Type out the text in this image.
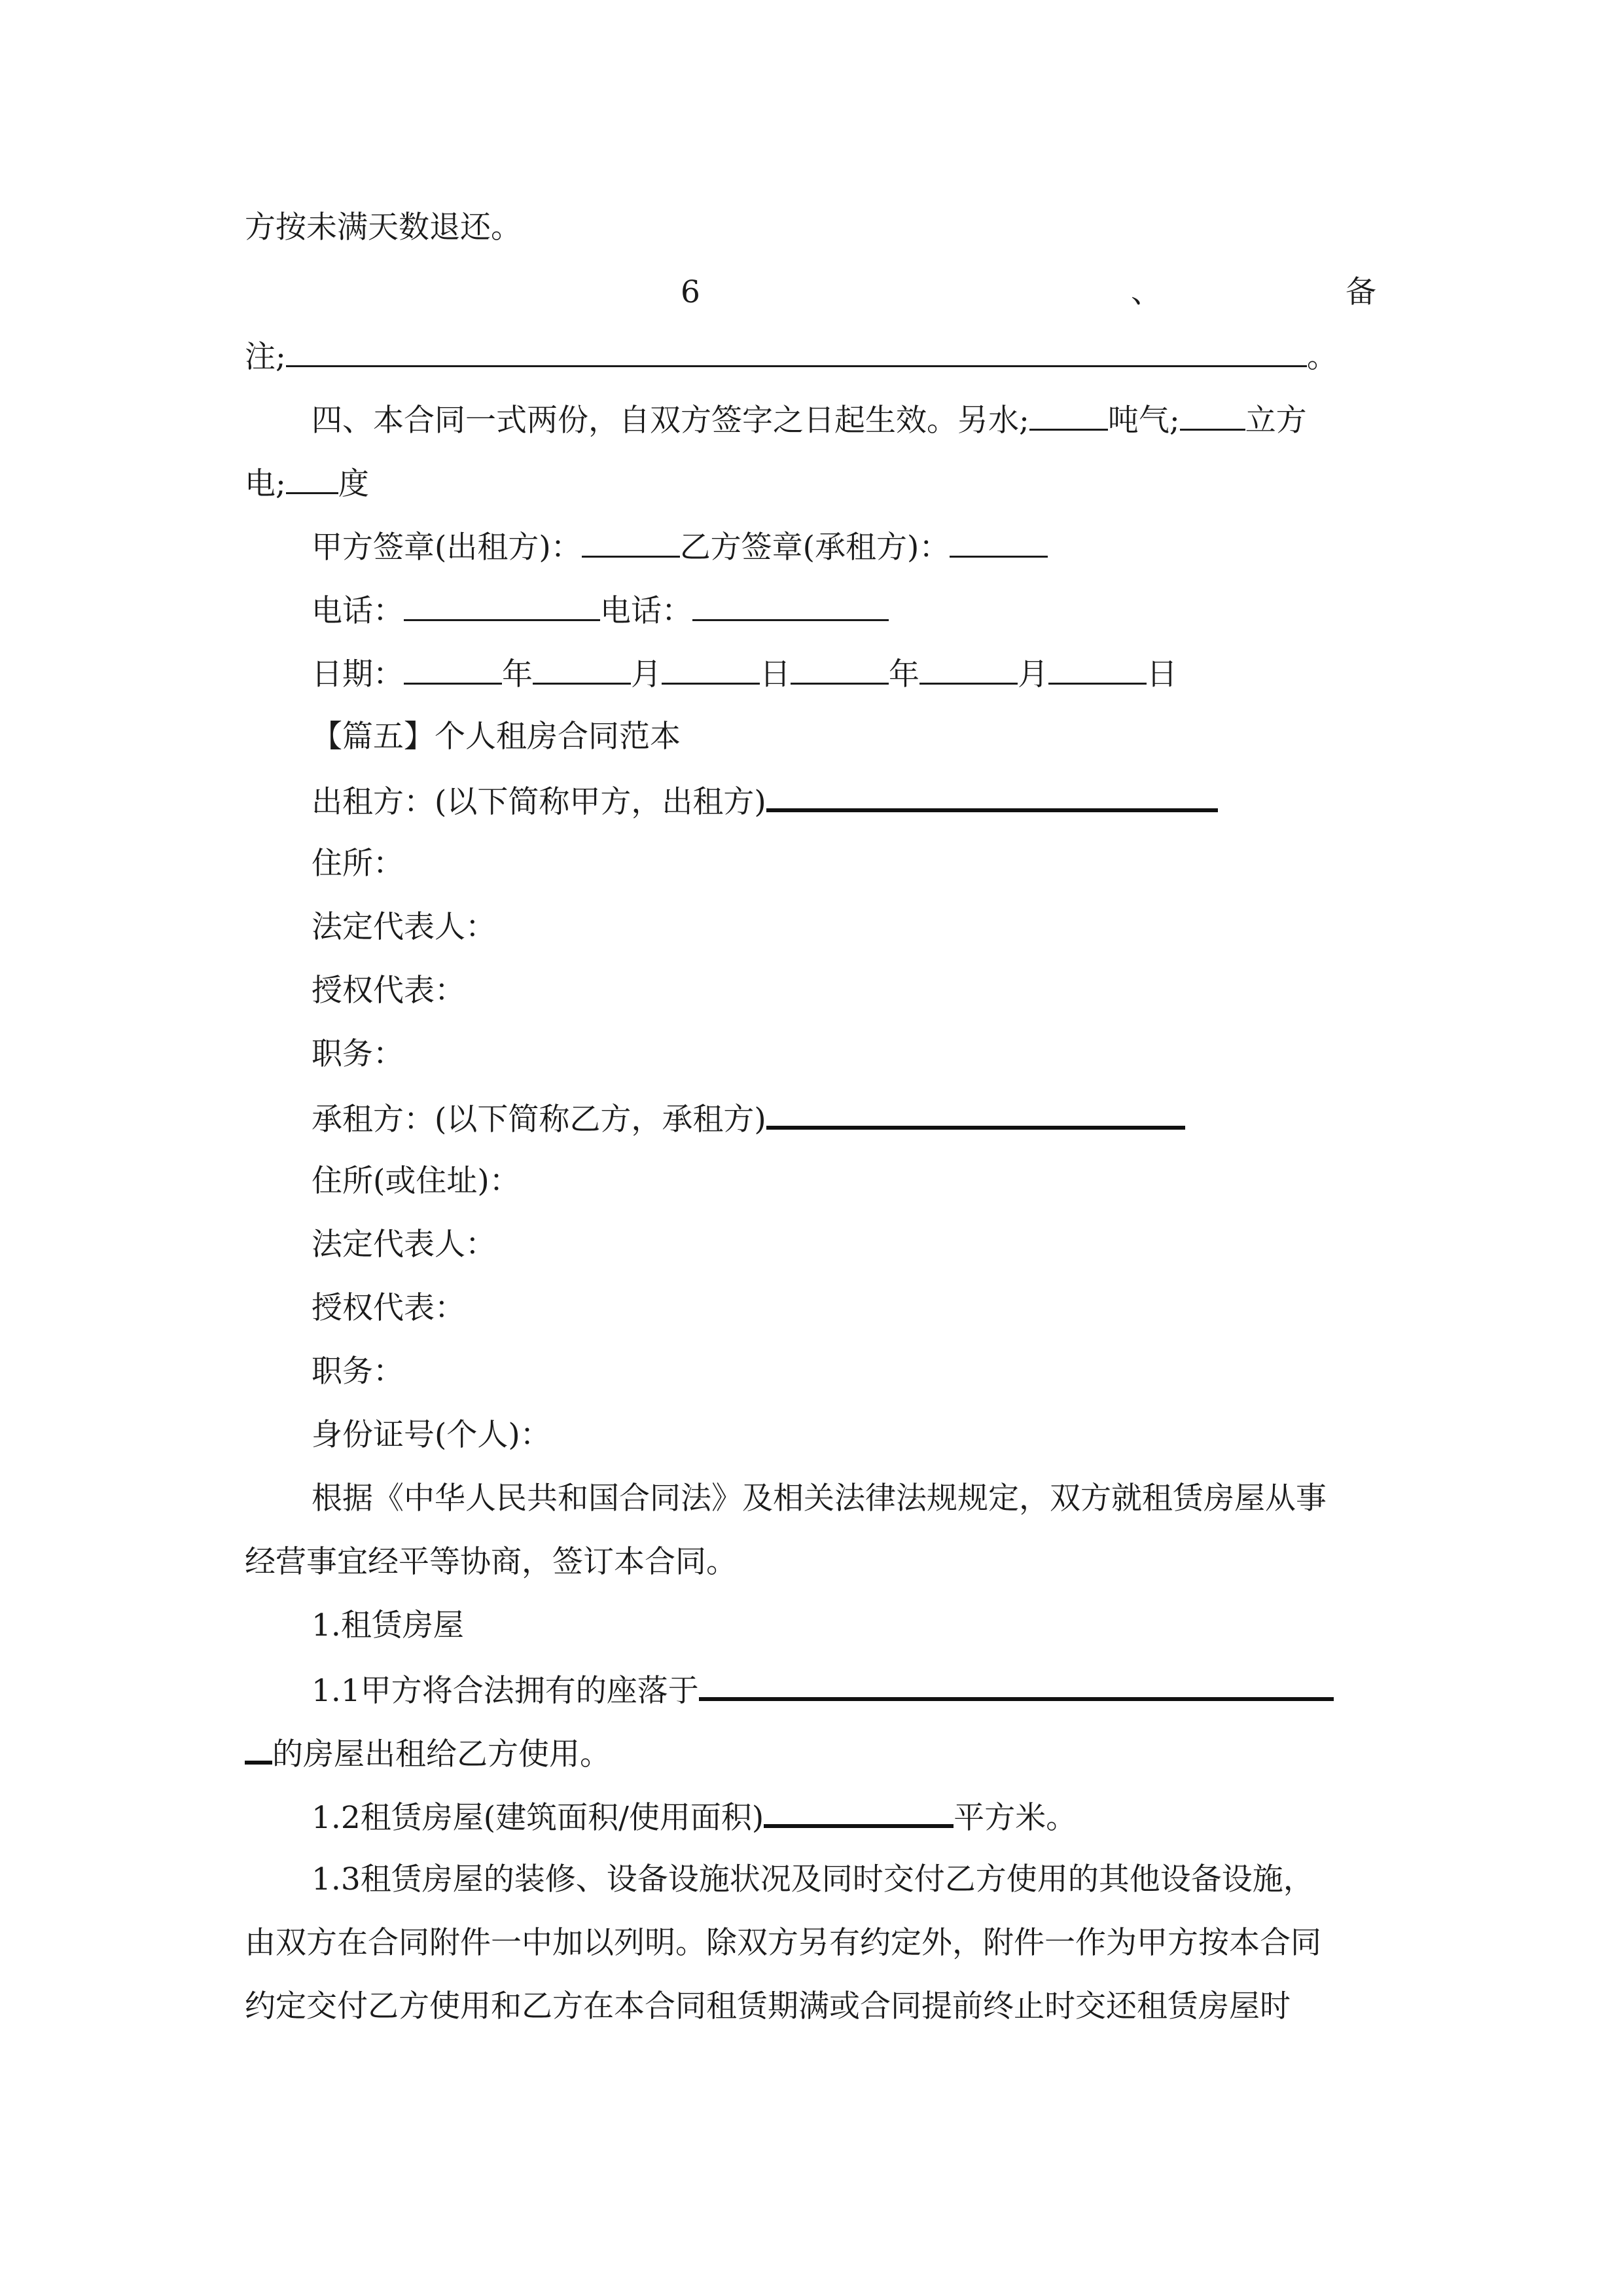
方按未满天数退还。
6	、	备
注;	。
四、本合同一式两份，自双方签字之日起生效。另水;	吨气; 立方
电; 度
甲方签章(出租方)：	乙方签章(承租方)：
电话：	电话：
日期：	年	月	日	年	月	日
【篇五】个人租房合同范本
出租方：(以下简称甲方，出租方)
住所：
法定代表人：
授权代表：
职务：
承租方：(以下简称乙方，承租方)
住所(或住址)：
法定代表人：
授权代表：
职务：
身份证号(个人)：
根据《中华人民共和国合同法》及相关法律法规规定，双方就租赁房屋从事
经营事宜经平等协商，签订本合同。
1.租赁房屋
1.1甲方将合法拥有的座落于
的房屋出租给乙方使用。
1.2租赁房屋(建筑面积/使用面积)	平方米。
1.3租赁房屋的装修、设备设施状况及同时交付乙方使用的其他设备设施，
由双方在合同附件一中加以列明。除双方另有约定外，附件一作为甲方按本合同
约定交付乙方使用和乙方在本合同租赁期满或合同提前终止时交还租赁房屋时
